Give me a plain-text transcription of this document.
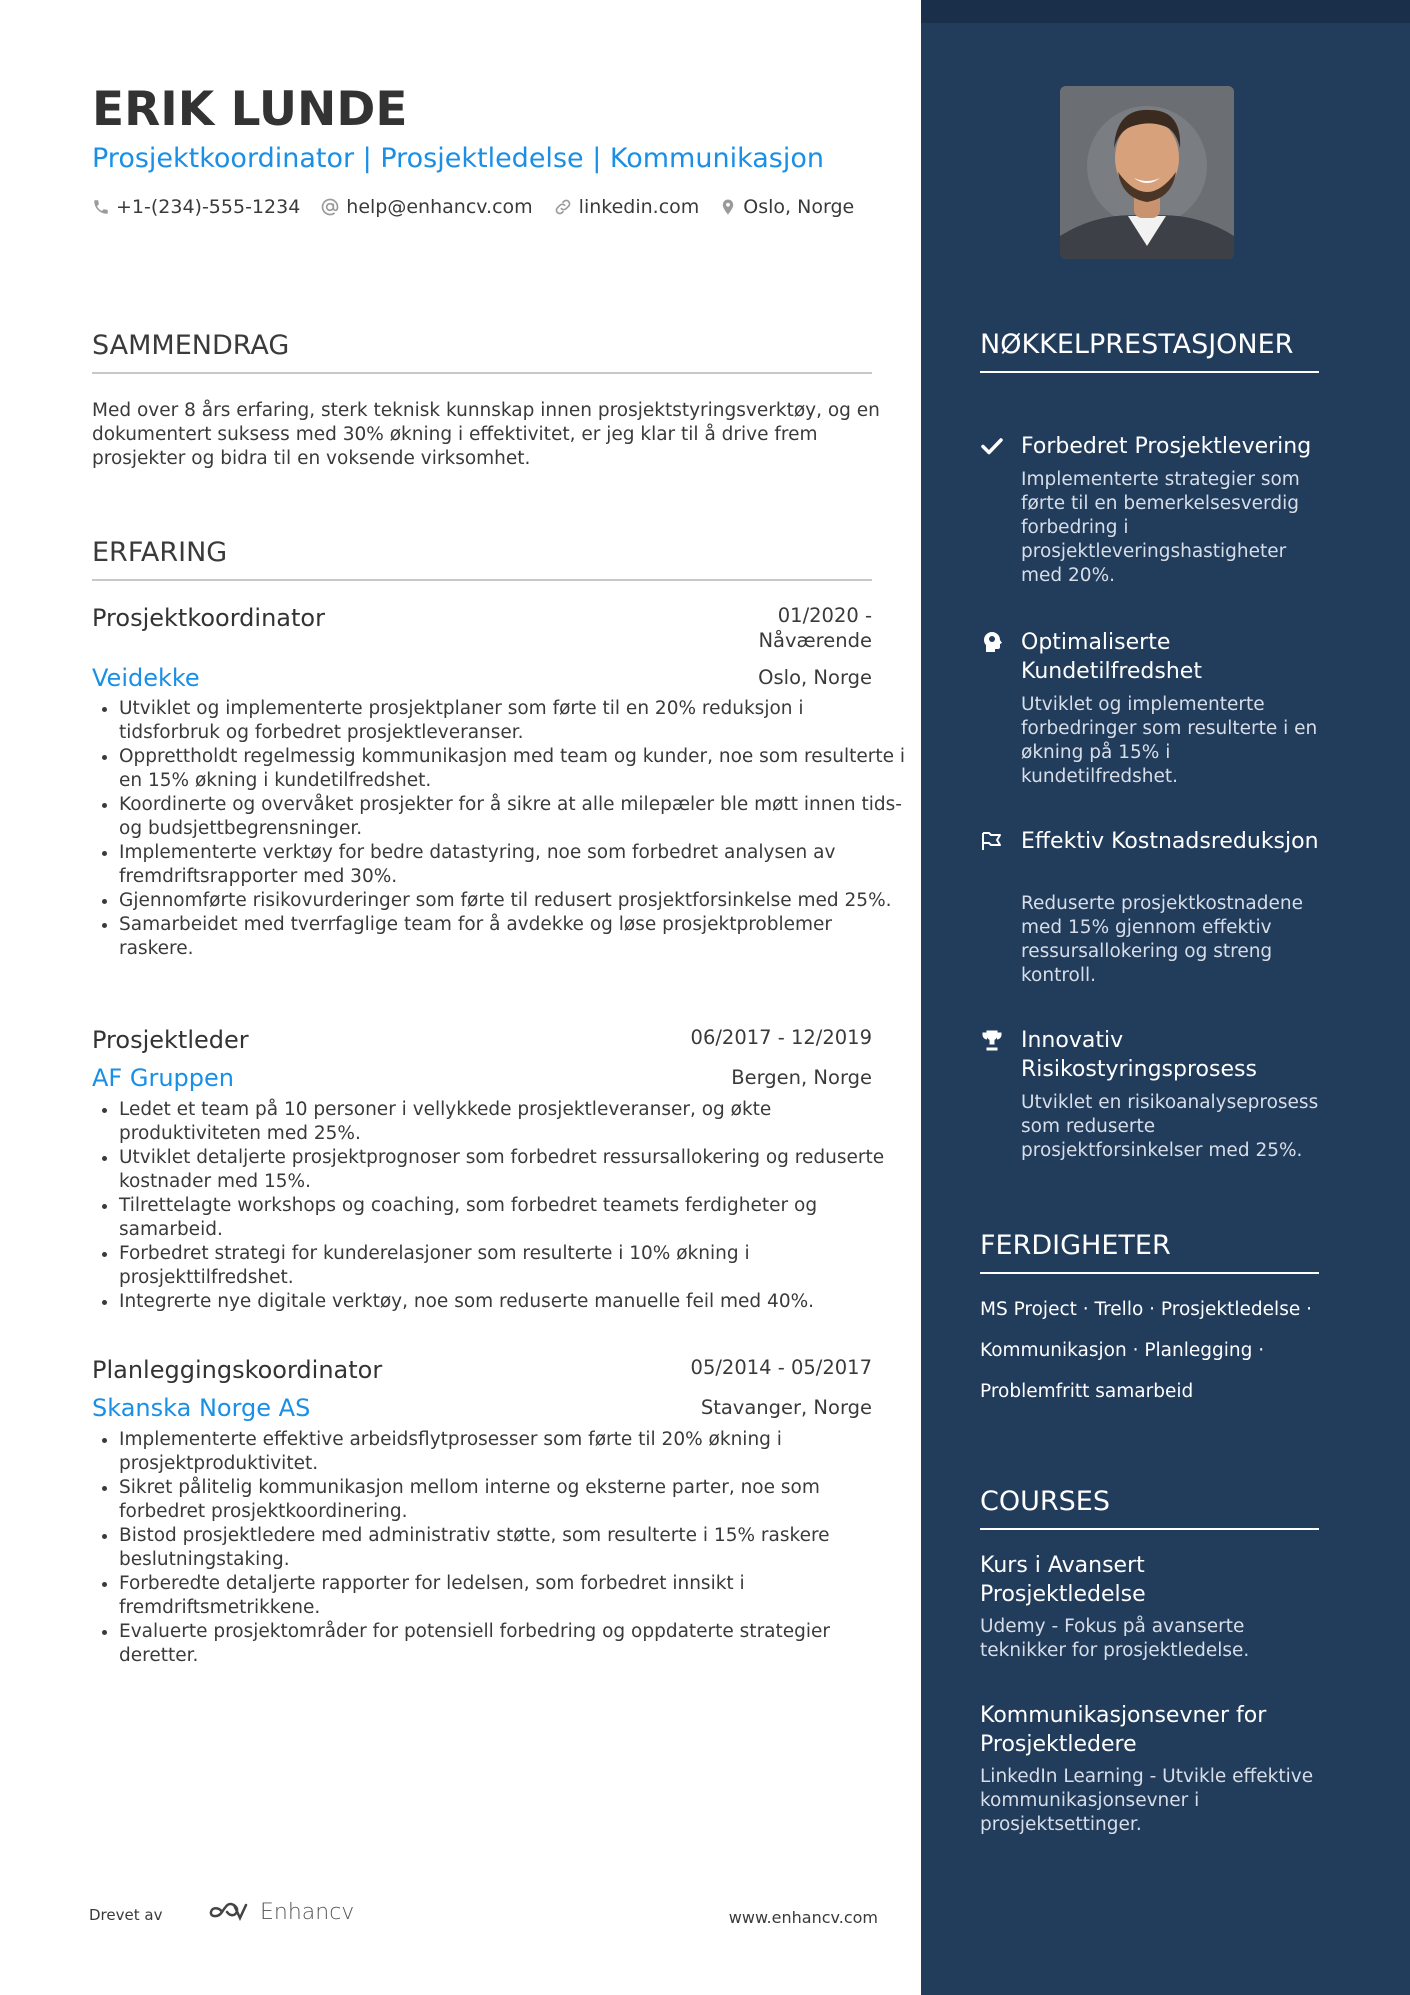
ERIK LUNDE
Prosjektkoordinator | Prosjektledelse | Kommunikasjon
+1-(234)-555-1234 help@enhancv.com linkedin.com Oslo, Norge
SAMMENDRAG
Med over 8 års erfaring, sterk teknisk kunnskap innen prosjektstyringsverktøy, og en dokumentert suksess med 30% økning i effektivitet, er jeg klar til å drive frem prosjekter og bidra til en voksende virksomhet.
ERFARING
Prosjektkoordinator	01/2020 - Nåværende
Veidekke	Oslo, Norge
• Utviklet og implementerte prosjektplaner som førte til en 20% reduksjon i tidsforbruk og forbedret prosjektleveranser.
• Opprettholdt regelmessig kommunikasjon med team og kunder, noe som resulterte i en 15% økning i kundetilfredshet.
• Koordinerte og overvåket prosjekter for å sikre at alle milepæler ble møtt innen tids- og budsjettbegrensninger.
• Implementerte verktøy for bedre datastyring, noe som forbedret analysen av fremdriftsrapporter med 30%.
• Gjennomførte risikovurderinger som førte til redusert prosjektforsinkelse med 25%.
• Samarbeidet med tverrfaglige team for å avdekke og løse prosjektproblemer raskere.
Prosjektleder	06/2017 - 12/2019
AF Gruppen	Bergen, Norge
• Ledet et team på 10 personer i vellykkede prosjektleveranser, og økte produktiviteten med 25%.
• Utviklet detaljerte prosjektprognoser som forbedret ressursallokering og reduserte kostnader med 15%.
• Tilrettelagte workshops og coaching, som forbedret teamets ferdigheter og samarbeid.
• Forbedret strategi for kunderelasjoner som resulterte i 10% økning i prosjekttilfredshet.
• Integrerte nye digitale verktøy, noe som reduserte manuelle feil med 40%.
Planleggingskoordinator	05/2014 - 05/2017
Skanska Norge AS	Stavanger, Norge
• Implementerte effektive arbeidsflytprosesser som førte til 20% økning i prosjektproduktivitet.
• Sikret pålitelig kommunikasjon mellom interne og eksterne parter, noe som forbedret prosjektkoordinering.
• Bistod prosjektledere med administrativ støtte, som resulterte i 15% raskere beslutningstaking.
• Forberedte detaljerte rapporter for ledelsen, som forbedret innsikt i fremdriftsmetrikkene.
• Evaluerte prosjektområder for potensiell forbedring og oppdaterte strategier deretter.
Drevet av	Enhancv	www.enhancv.com
NØKKELPRESTASJONER
Forbedret Prosjektlevering
Implementerte strategier som førte til en bemerkelsesverdig forbedring i prosjektleveringshastigheter med 20%.
Optimaliserte Kundetilfredshet
Utviklet og implementerte forbedringer som resulterte i en økning på 15% i kundetilfredshet.
Effektiv Kostnadsreduksjon
Reduserte prosjektkostnadene med 15% gjennom effektiv ressursallokering og streng kontroll.
Innovativ Risikostyringsprosess
Utviklet en risikoanalyseprosess som reduserte prosjektforsinkelser med 25%.
FERDIGHETER
MS Project · Trello · Prosjektledelse ·
Kommunikasjon · Planlegging ·
Problemfritt samarbeid
COURSES
Kurs i Avansert Prosjektledelse
Udemy - Fokus på avanserte teknikker for prosjektledelse.
Kommunikasjonsevner for Prosjektledere
LinkedIn Learning - Utvikle effektive kommunikasjonsevner i prosjektsettinger.
